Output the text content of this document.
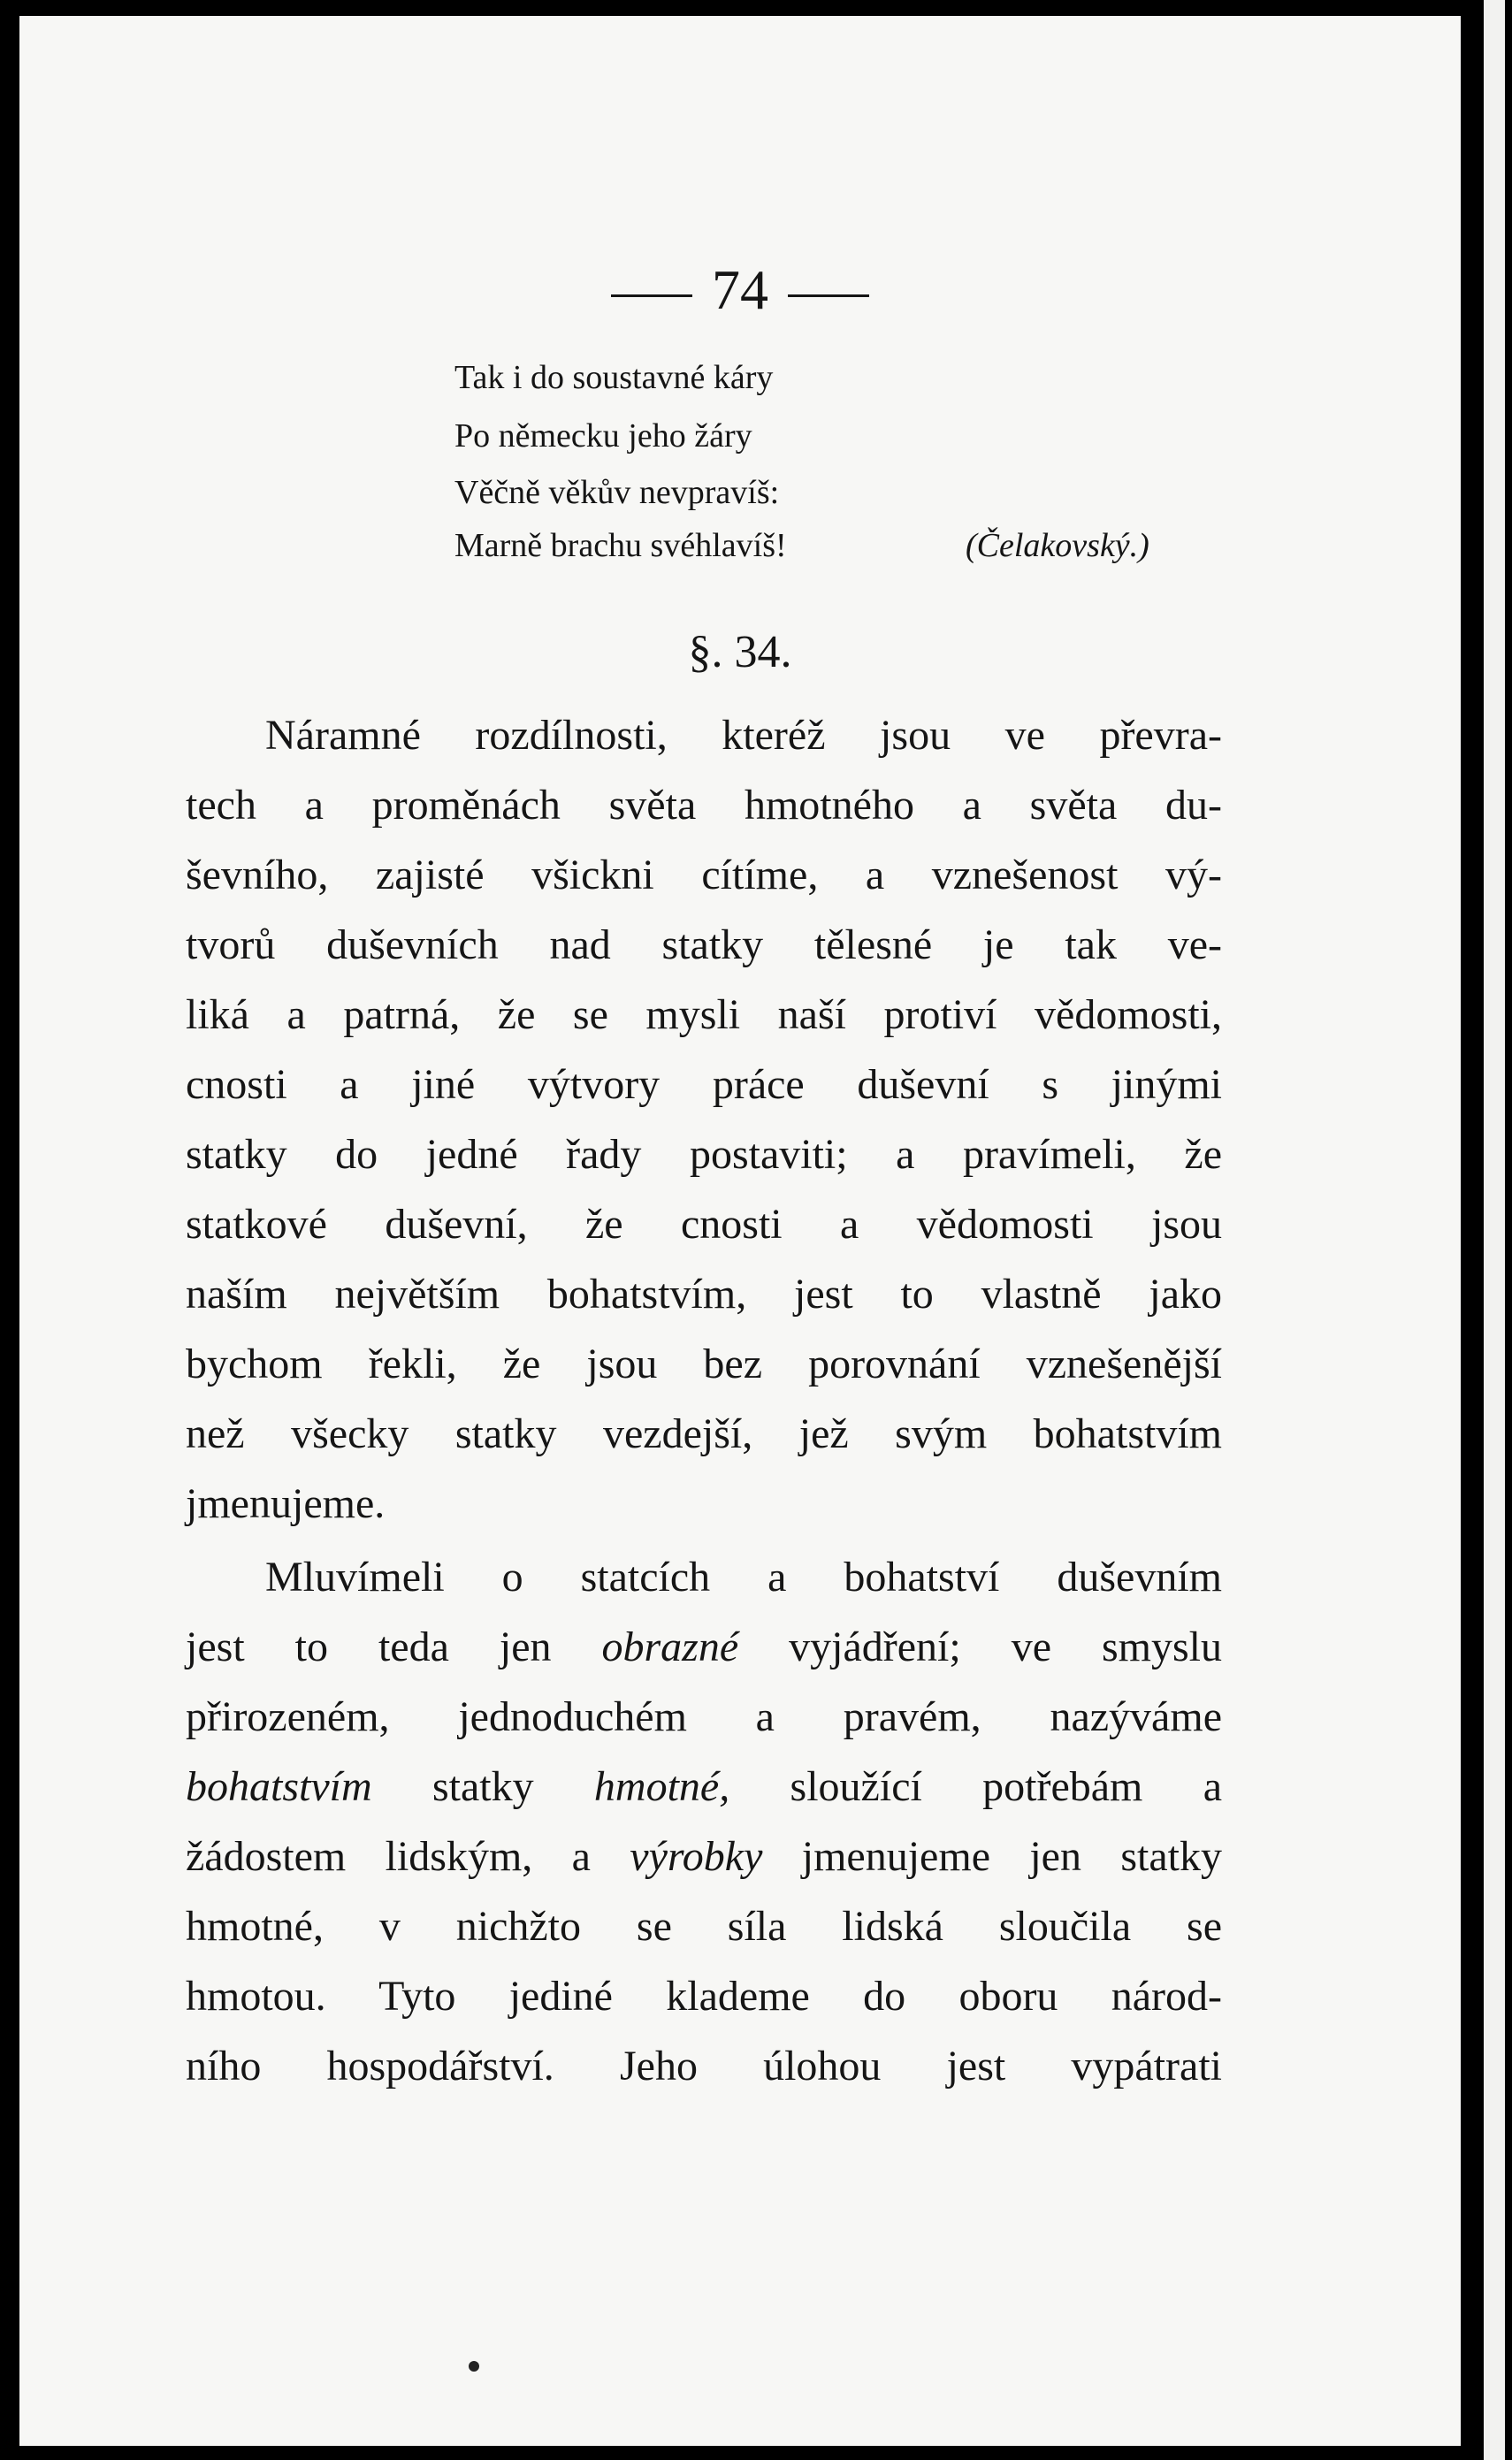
74
Tak i do soustavné káry
Po německu jeho žáry
Věčně věkův nevpravíš:
Marně brachu svéhlavíš!	(Čelakovský.)
§. 34.
Náramné rozdílnosti, kteréž jsou ve převra-
tech a proměnách světa hmotného a světa du-
ševního, zajisté všickni cítíme, a vznešenost vý-
tvorů duševních nad statky tělesné je tak ve-
liká a patrná, že se mysli naší protiví vědomosti,
cnosti a jiné výtvory práce duševní s jinými
statky do jedné řady postaviti; a pravímeli, že
statkové duševní, že cnosti a vědomosti jsou
naším největším bohatstvím, jest to vlastně jako
bychom řekli, že jsou bez porovnání vznešenější
než všecky statky vezdejší, jež svým bohatstvím
jmenujeme.
Mluvímeli o statcích a bohatství duševním
jest to teda jen obrazné vyjádření; ve smyslu
přirozeném, jednoduchém a pravém, nazýváme
bohatstvím statky hmotné, sloužící potřebám a
žádostem lidským, a výrobky jmenujeme jen statky
hmotné, v nichžto se síla lidská sloučila se
hmotou. Tyto jediné klademe do oboru národ-
ního hospodářství. Jeho úlohou jest vypátrati
